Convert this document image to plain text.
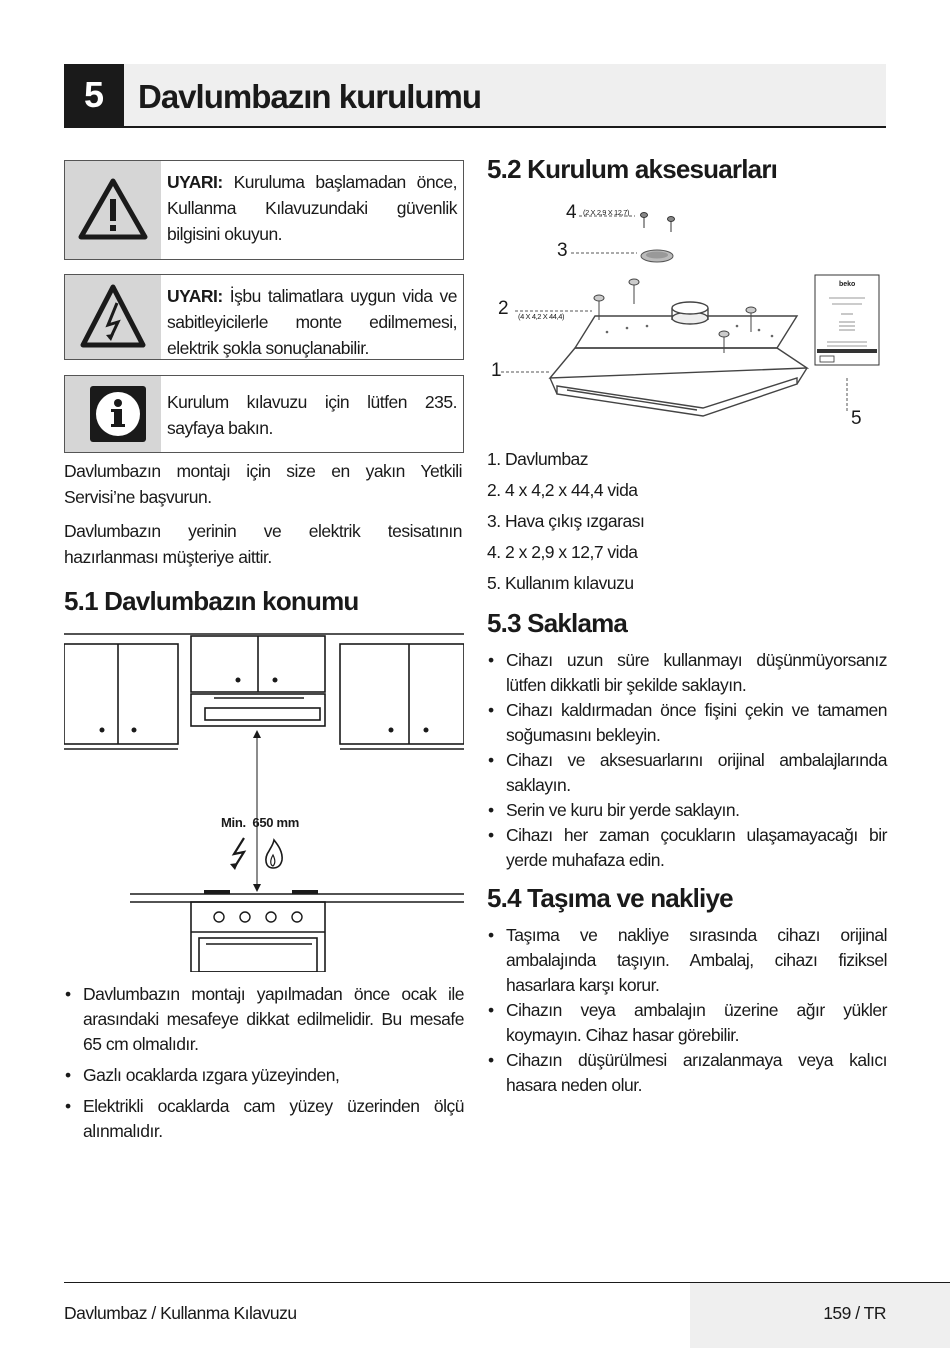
5	Davlumbazın kurulumu
UYARI: Kuruluma başlamadan önce, Kullanma Kılavuzundaki güvenlik bilgisini okuyun.
UYARI: İşbu talimatlara uygun vida ve sabitleyicilerle monte edilmemesi, elektrik şokla sonuçlanabilir.
Kurulum kılavuzu için lütfen 235. sayfaya bakın.
Davlumbazın montajı için size en yakın Yetkili Servisi’ne başvurun.
Davlumbazın yerinin ve elektrik tesisatının hazırlanması müşteriye aittir.
5.1 Davlumbazın konumu
Min.  650 mm
• Davlumbazın montajı yapılmadan önce ocak ile arasındaki mesafeye dikkat edilmelidir. Bu mesafe 65 cm olmalıdır.
• Gazlı ocaklarda ızgara yüzeyinden,
• Elektrikli ocaklarda cam yüzey üzerinden ölçü alınmalıdır.
5.2 Kurulum aksesuarları
beko
4 (2 X 2,9 X 12,7)
3
2 (4 X 4,2 X 44,4)
1
5
1. Davlumbaz
2. 4 x 4,2 x 44,4 vida
3. Hava çıkış ızgarası
4. 2 x 2,9 x 12,7 vida
5. Kullanım kılavuzu
5.3 Saklama
• Cihazı uzun süre kullanmayı düşünmüyorsanız lütfen dikkatli bir şekilde saklayın.
• Cihazı kaldırmadan önce fişini çekin ve tamamen soğumasını bekleyin.
• Cihazı ve aksesuarlarını orijinal ambalajlarında saklayın.
• Serin ve kuru bir yerde saklayın.
• Cihazı her zaman çocukların ulaşamayacağı bir yerde muhafaza edin.
5.4 Taşıma ve nakliye
• Taşıma ve nakliye sırasında cihazı orijinal ambalajında taşıyın. Ambalaj, cihazı fiziksel hasarlara karşı korur.
• Cihazın veya ambalajın üzerine ağır yükler koymayın. Cihaz hasar görebilir.
• Cihazın düşürülmesi arızalanmaya veya kalıcı hasara neden olur.
Davlumbaz / Kullanma Kılavuzu	159 / TR
